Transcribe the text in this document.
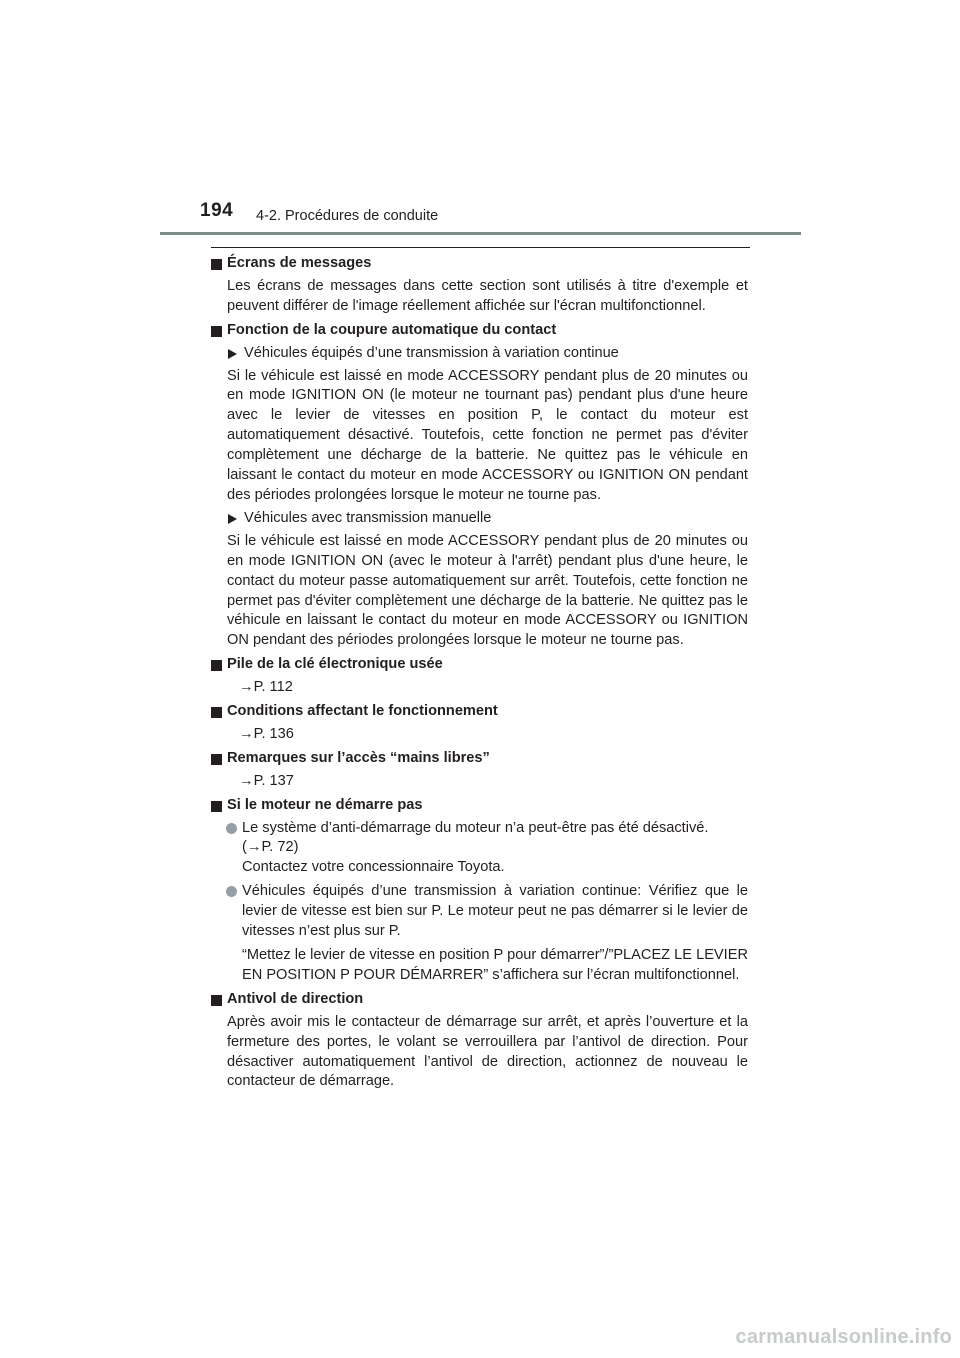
194 4-2. Procédures de conduite
Écrans de messages
Les écrans de messages dans cette section sont utilisés à titre d'exemple et peuvent différer de l'image réellement affichée sur l'écran multifonctionnel.
Fonction de la coupure automatique du contact
Véhicules équipés d’une transmission à variation continue
Si le véhicule est laissé en mode ACCESSORY pendant plus de 20 minutes ou en mode IGNITION ON (le moteur ne tournant pas) pendant plus d'une heure avec le levier de vitesses en position P, le contact du moteur est automatiquement désactivé. Toutefois, cette fonction ne permet pas d'éviter complètement une décharge de la batterie. Ne quittez pas le véhicule en laissant le contact du moteur en mode ACCESSORY ou IGNITION ON pendant des périodes prolongées lorsque le moteur ne tourne pas.
Véhicules avec transmission manuelle
Si le véhicule est laissé en mode ACCESSORY pendant plus de 20 minutes ou en mode IGNITION ON (avec le moteur à l'arrêt) pendant plus d'une heure, le contact du moteur passe automatiquement sur arrêt. Toutefois, cette fonction ne permet pas d'éviter complètement une décharge de la batterie. Ne quittez pas le véhicule en laissant le contact du moteur en mode ACCESSORY ou IGNITION ON pendant des périodes prolongées lorsque le moteur ne tourne pas.
Pile de la clé électronique usée
→P. 112
Conditions affectant le fonctionnement
→P. 136
Remarques sur l’accès “mains libres”
→P. 137
Si le moteur ne démarre pas
Le système d’anti-démarrage du moteur n’a peut-être pas été désactivé.
(→P. 72)
Contactez votre concessionnaire Toyota.
Véhicules équipés d’une transmission à variation continue: Vérifiez que le levier de vitesse est bien sur P. Le moteur peut ne pas démarrer si le levier de vitesses n’est plus sur P.
“Mettez le levier de vitesse en position P pour démarrer”/”PLACEZ LE LEVIER EN POSITION P POUR DÉMARRER” s’affichera sur l’écran multifonctionnel.
Antivol de direction
Après avoir mis le contacteur de démarrage sur arrêt, et après l’ouverture et la fermeture des portes, le volant se verrouillera par l’antivol de direction. Pour désactiver automatiquement l’antivol de direction, actionnez de nouveau le contacteur de démarrage.
carmanualsonline.info
